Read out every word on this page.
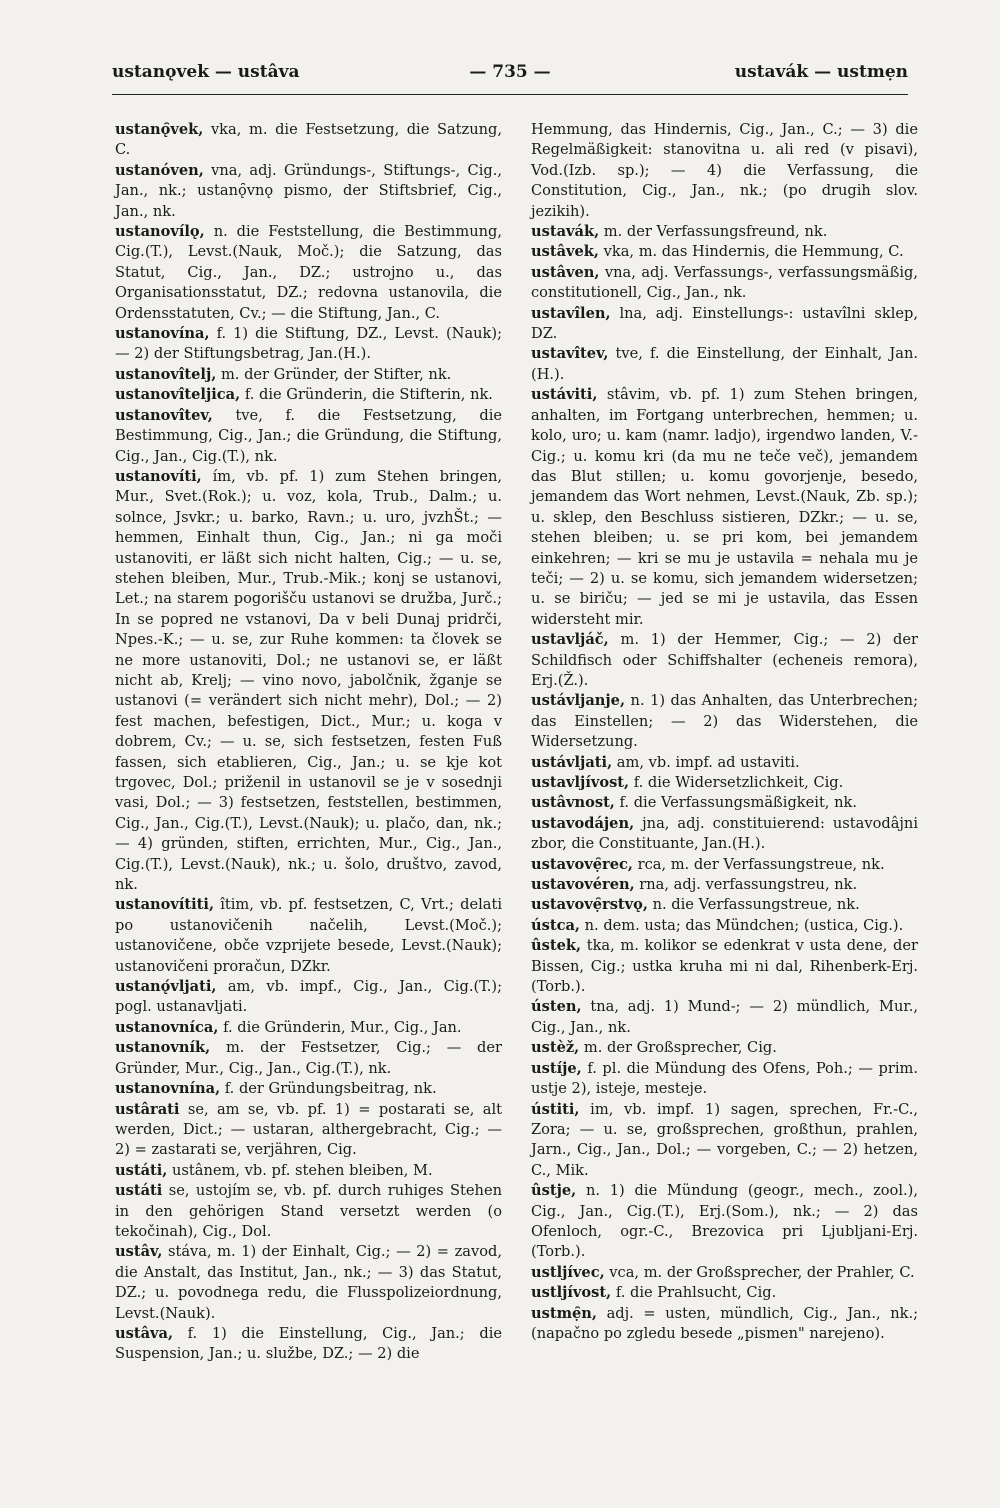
ustanǫvek — ustâva	— 735 —	ustavák — ustmẹn

ustanǫ̑vek, vka, m. die Festsetzung, die Satzung, C.

ustanóven, vna, adj. Gründungs-, Stiftungs-, Cig., Jan., nk.; ustanǫ̑vnǫ pismo, der Stiftsbrief, Cig., Jan., nk.

ustanovílǫ, n. die Feststellung, die Bestimmung, Cig.(T.), Levst.(Nauk, Moč.); die Satzung, das Statut, Cig., Jan., DZ.; ustrojno u., das Organisationsstatut, DZ.; redovna ustanovila, die Ordensstatuten, Cv.; — die Stiftung, Jan., C.

ustanovína, f. 1) die Stiftung, DZ., Levst. (Nauk); — 2) der Stiftungsbetrag, Jan.(H.).

ustanovîtelj, m. der Gründer, der Stifter, nk.

ustanovîteljica, f. die Gründerin, die Stifterin, nk.

ustanovîtev, tve, f. die Festsetzung, die Bestimmung, Cig., Jan.; die Gründung, die Stiftung, Cig., Jan., Cig.(T.), nk.

ustanovíti, ím, vb. pf. 1) zum Stehen bringen, Mur., Svet.(Rok.); u. voz, kola, Trub., Dalm.; u. solnce, Jsvkr.; u. barko, Ravn.; u. uro, jvzhŠt.; — hemmen, Einhalt thun, Cig., Jan.; ni ga moči ustanoviti, er läßt sich nicht halten, Cig.; — u. se, stehen bleiben, Mur., Trub.-Mik.; konj se ustanovi, Let.; na starem pogorišču ustanovi se družba, Jurč.; In se popred ne vstanovi, Da v beli Dunaj pridrči, Npes.-K.; — u. se, zur Ruhe kommen: ta človek se ne more ustanoviti, Dol.; ne ustanovi se, er läßt nicht ab, Krelj; — vino novo, jabolčnik, žganje se ustanovi (= verändert sich nicht mehr), Dol.; — 2) fest machen, befestigen, Dict., Mur.; u. koga v dobrem, Cv.; — u. se, sich festsetzen, festen Fuß fassen, sich etablieren, Cig., Jan.; u. se kje kot trgovec, Dol.; priženil in ustanovil se je v sosednji vasi, Dol.; — 3) festsetzen, feststellen, bestimmen, Cig., Jan., Cig.(T.), Levst.(Nauk); u. plačo, dan, nk.; — 4) gründen, stiften, errichten, Mur., Cig., Jan., Cig.(T.), Levst.(Nauk), nk.; u. šolo, društvo, zavod, nk.

ustanovítiti, îtim, vb. pf. festsetzen, C, Vrt.; delati po ustanovičenih načelih, Levst.(Moč.); ustanovičene, obče vzprijete besede, Levst.(Nauk); ustanovičeni proračun, DZkr.

ustanǫ́vljati, am, vb. impf., Cig., Jan., Cig.(T.); pogl. ustanavljati.

ustanovníca, f. die Gründerin, Mur., Cig., Jan.

ustanovník, m. der Festsetzer, Cig.; — der Gründer, Mur., Cig., Jan., Cig.(T.), nk.

ustanovnína, f. der Gründungsbeitrag, nk.

ustârati se, am se, vb. pf. 1) = postarati se, alt werden, Dict.; — ustaran, althergebracht, Cig.; — 2) = zastarati se, verjähren, Cig.

ustáti, ustânem, vb. pf. stehen bleiben, M.

ustáti se, ustojím se, vb. pf. durch ruhiges Stehen in den gehörigen Stand versetzt werden (o tekočinah), Cig., Dol.

ustâv, stáva, m. 1) der Einhalt, Cig.; — 2) = zavod, die Anstalt, das Institut, Jan., nk.; — 3) das Statut, DZ.; u. povodnega redu, die Flusspolizeiordnung, Levst.(Nauk).

ustâva, f. 1) die Einstellung, Cig., Jan.; die Suspension, Jan.; u. službe, DZ.; — 2) die

Hemmung, das Hindernis, Cig., Jan., C.; — 3) die Regelmäßigkeit: stanovitna u. ali red (v pisavi), Vod.(Izb. sp.); — 4) die Verfassung, die Constitution, Cig., Jan., nk.; (po drugih slov. jezikih).

ustavák, m. der Verfassungsfreund, nk.

ustâvek, vka, m. das Hindernis, die Hemmung, C.

ustâven, vna, adj. Verfassungs-, verfassungsmäßig, constitutionell, Cig., Jan., nk.

ustavîlen, lna, adj. Einstellungs-: ustavîlni sklep, DZ.

ustavîtev, tve, f. die Einstellung, der Einhalt, Jan.(H.).

ustáviti, stâvim, vb. pf. 1) zum Stehen bringen, anhalten, im Fortgang unterbrechen, hemmen; u. kolo, uro; u. kam (namr. ladjo), irgendwo landen, V.-Cig.; u. komu kri (da mu ne teče več), jemandem das Blut stillen; u. komu govorjenje, besedo, jemandem das Wort nehmen, Levst.(Nauk, Zb. sp.); u. sklep, den Beschluss sistieren, DZkr.; — u. se, stehen bleiben; u. se pri kom, bei jemandem einkehren; — kri se mu je ustavila = nehala mu je teči; — 2) u. se komu, sich jemandem widersetzen; u. se biriču; — jed se mi je ustavila, das Essen widersteht mir.

ustavljáč, m. 1) der Hemmer, Cig.; — 2) der Schildfisch oder Schiffshalter (echeneis remora), Erj.(Ž.).

ustávljanje, n. 1) das Anhalten, das Unterbrechen; das Einstellen; — 2) das Widerstehen, die Widersetzung.

ustávljati, am, vb. impf. ad ustaviti.

ustavljívost, f. die Widersetzlichkeit, Cig.

ustâvnost, f. die Verfassungsmäßigkeit, nk.

ustavodájen, jna, adj. constituierend: ustavodâjni zbor, die Constituante, Jan.(H.).

ustavovẹ̑rec, rca, m. der Verfassungstreue, nk.

ustavovéren, rna, adj. verfassungstreu, nk.

ustavovẹ̑rstvǫ, n. die Verfassungstreue, nk.

ústca, n. dem. usta; das Mündchen; (ustica, Cig.).

ûstek, tka, m. kolikor se edenkrat v usta dene, der Bissen, Cig.; ustka kruha mi ni dal, Rihenberk-Erj.(Torb.).

ústen, tna, adj. 1) Mund-; — 2) mündlich, Mur., Cig., Jan., nk.

ustèž, m. der Großsprecher, Cig.

ustíje, f. pl. die Mündung des Ofens, Poh.; — prim. ustje 2), isteje, mesteje.

ústiti, im, vb. impf. 1) sagen, sprechen, Fr.-C., Zora; — u. se, großsprechen, großthun, prahlen, Jarn., Cig., Jan., Dol.; — vorgeben, C.; — 2) hetzen, C., Mik.

ûstje, n. 1) die Mündung (geogr., mech., zool.), Cig., Jan., Cig.(T.), Erj.(Som.), nk.; — 2) das Ofenloch, ogr.-C., Brezovica pri Ljubljani-Erj.(Torb.).

ustljívec, vca, m. der Großsprecher, der Prahler, C.

ustljívost, f. die Prahlsucht, Cig.

ustmẹ̑n, adj. = usten, mündlich, Cig., Jan., nk.; (napačno po zgledu besede „pismen" narejeno).
